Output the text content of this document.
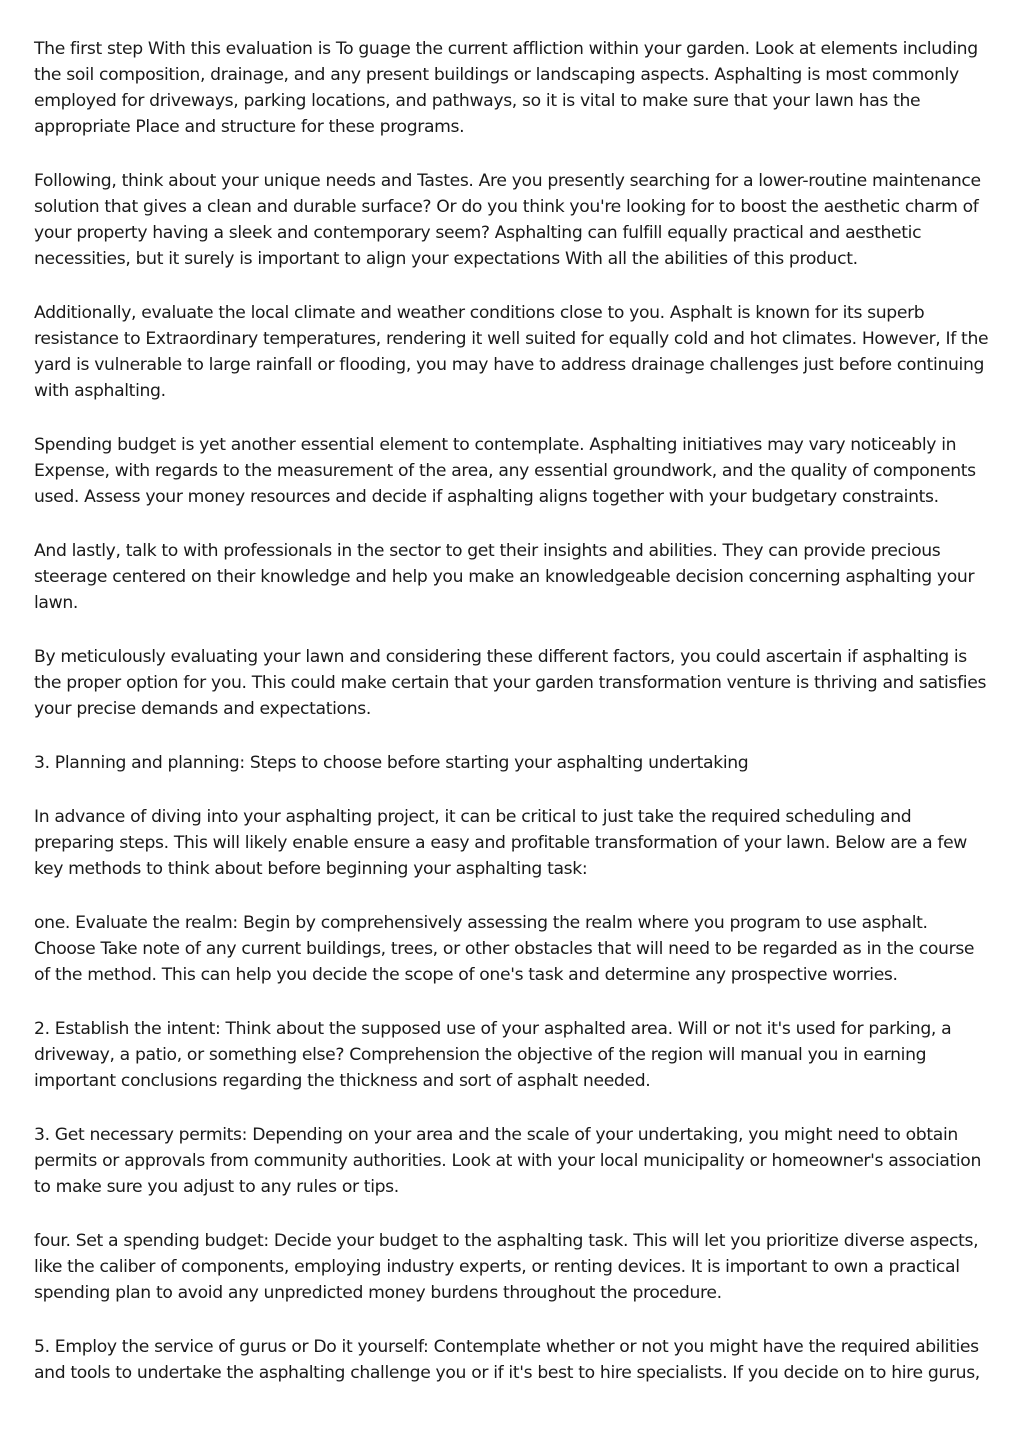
The first step With this evaluation is To guage the current affliction within your garden. Look at elements including the soil composition, drainage, and any present buildings or landscaping aspects. Asphalting is most commonly employed for driveways, parking locations, and pathways, so it is vital to make sure that your lawn has the appropriate Place and structure for these programs.

Following, think about your unique needs and Tastes. Are you presently searching for a lower-routine maintenance solution that gives a clean and durable surface? Or do you think you're looking for to boost the aesthetic charm of your property having a sleek and contemporary seem? Asphalting can fulfill equally practical and aesthetic necessities, but it surely is important to align your expectations With all the abilities of this product.

Additionally, evaluate the local climate and weather conditions close to you. Asphalt is known for its superb resistance to Extraordinary temperatures, rendering it well suited for equally cold and hot climates. However, If the yard is vulnerable to large rainfall or flooding, you may have to address drainage challenges just before continuing with asphalting.

Spending budget is yet another essential element to contemplate. Asphalting initiatives may vary noticeably in Expense, with regards to the measurement of the area, any essential groundwork, and the quality of components used. Assess your money resources and decide if asphalting aligns together with your budgetary constraints.

And lastly, talk to with professionals in the sector to get their insights and abilities. They can provide precious steerage centered on their knowledge and help you make an knowledgeable decision concerning asphalting your lawn.

By meticulously evaluating your lawn and considering these different factors, you could ascertain if asphalting is the proper option for you. This could make certain that your garden transformation venture is thriving and satisfies your precise demands and expectations.

3. Planning and planning: Steps to choose before starting your asphalting undertaking

In advance of diving into your asphalting project, it can be critical to just take the required scheduling and preparing steps. This will likely enable ensure a easy and profitable transformation of your lawn. Below are a few key methods to think about before beginning your asphalting task:

one. Evaluate the realm: Begin by comprehensively assessing the realm where you program to use asphalt. Choose Take note of any current buildings, trees, or other obstacles that will need to be regarded as in the course of the method. This can help you decide the scope of one's task and determine any prospective worries.

2. Establish the intent: Think about the supposed use of your asphalted area. Will or not it's used for parking, a driveway, a patio, or something else? Comprehension the objective of the region will manual you in earning important conclusions regarding the thickness and sort of asphalt needed.

3. Get necessary permits: Depending on your area and the scale of your undertaking, you might need to obtain permits or approvals from community authorities. Look at with your local municipality or homeowner's association to make sure you adjust to any rules or tips.

four. Set a spending budget: Decide your budget to the asphalting task. This will let you prioritize diverse aspects, like the caliber of components, employing industry experts, or renting devices. It is important to own a practical spending plan to avoid any unpredicted money burdens throughout the procedure.

5. Employ the service of gurus or Do it yourself: Contemplate whether or not you might have the required abilities and tools to undertake the asphalting challenge you or if it's best to hire specialists. If you decide on to hire gurus,
